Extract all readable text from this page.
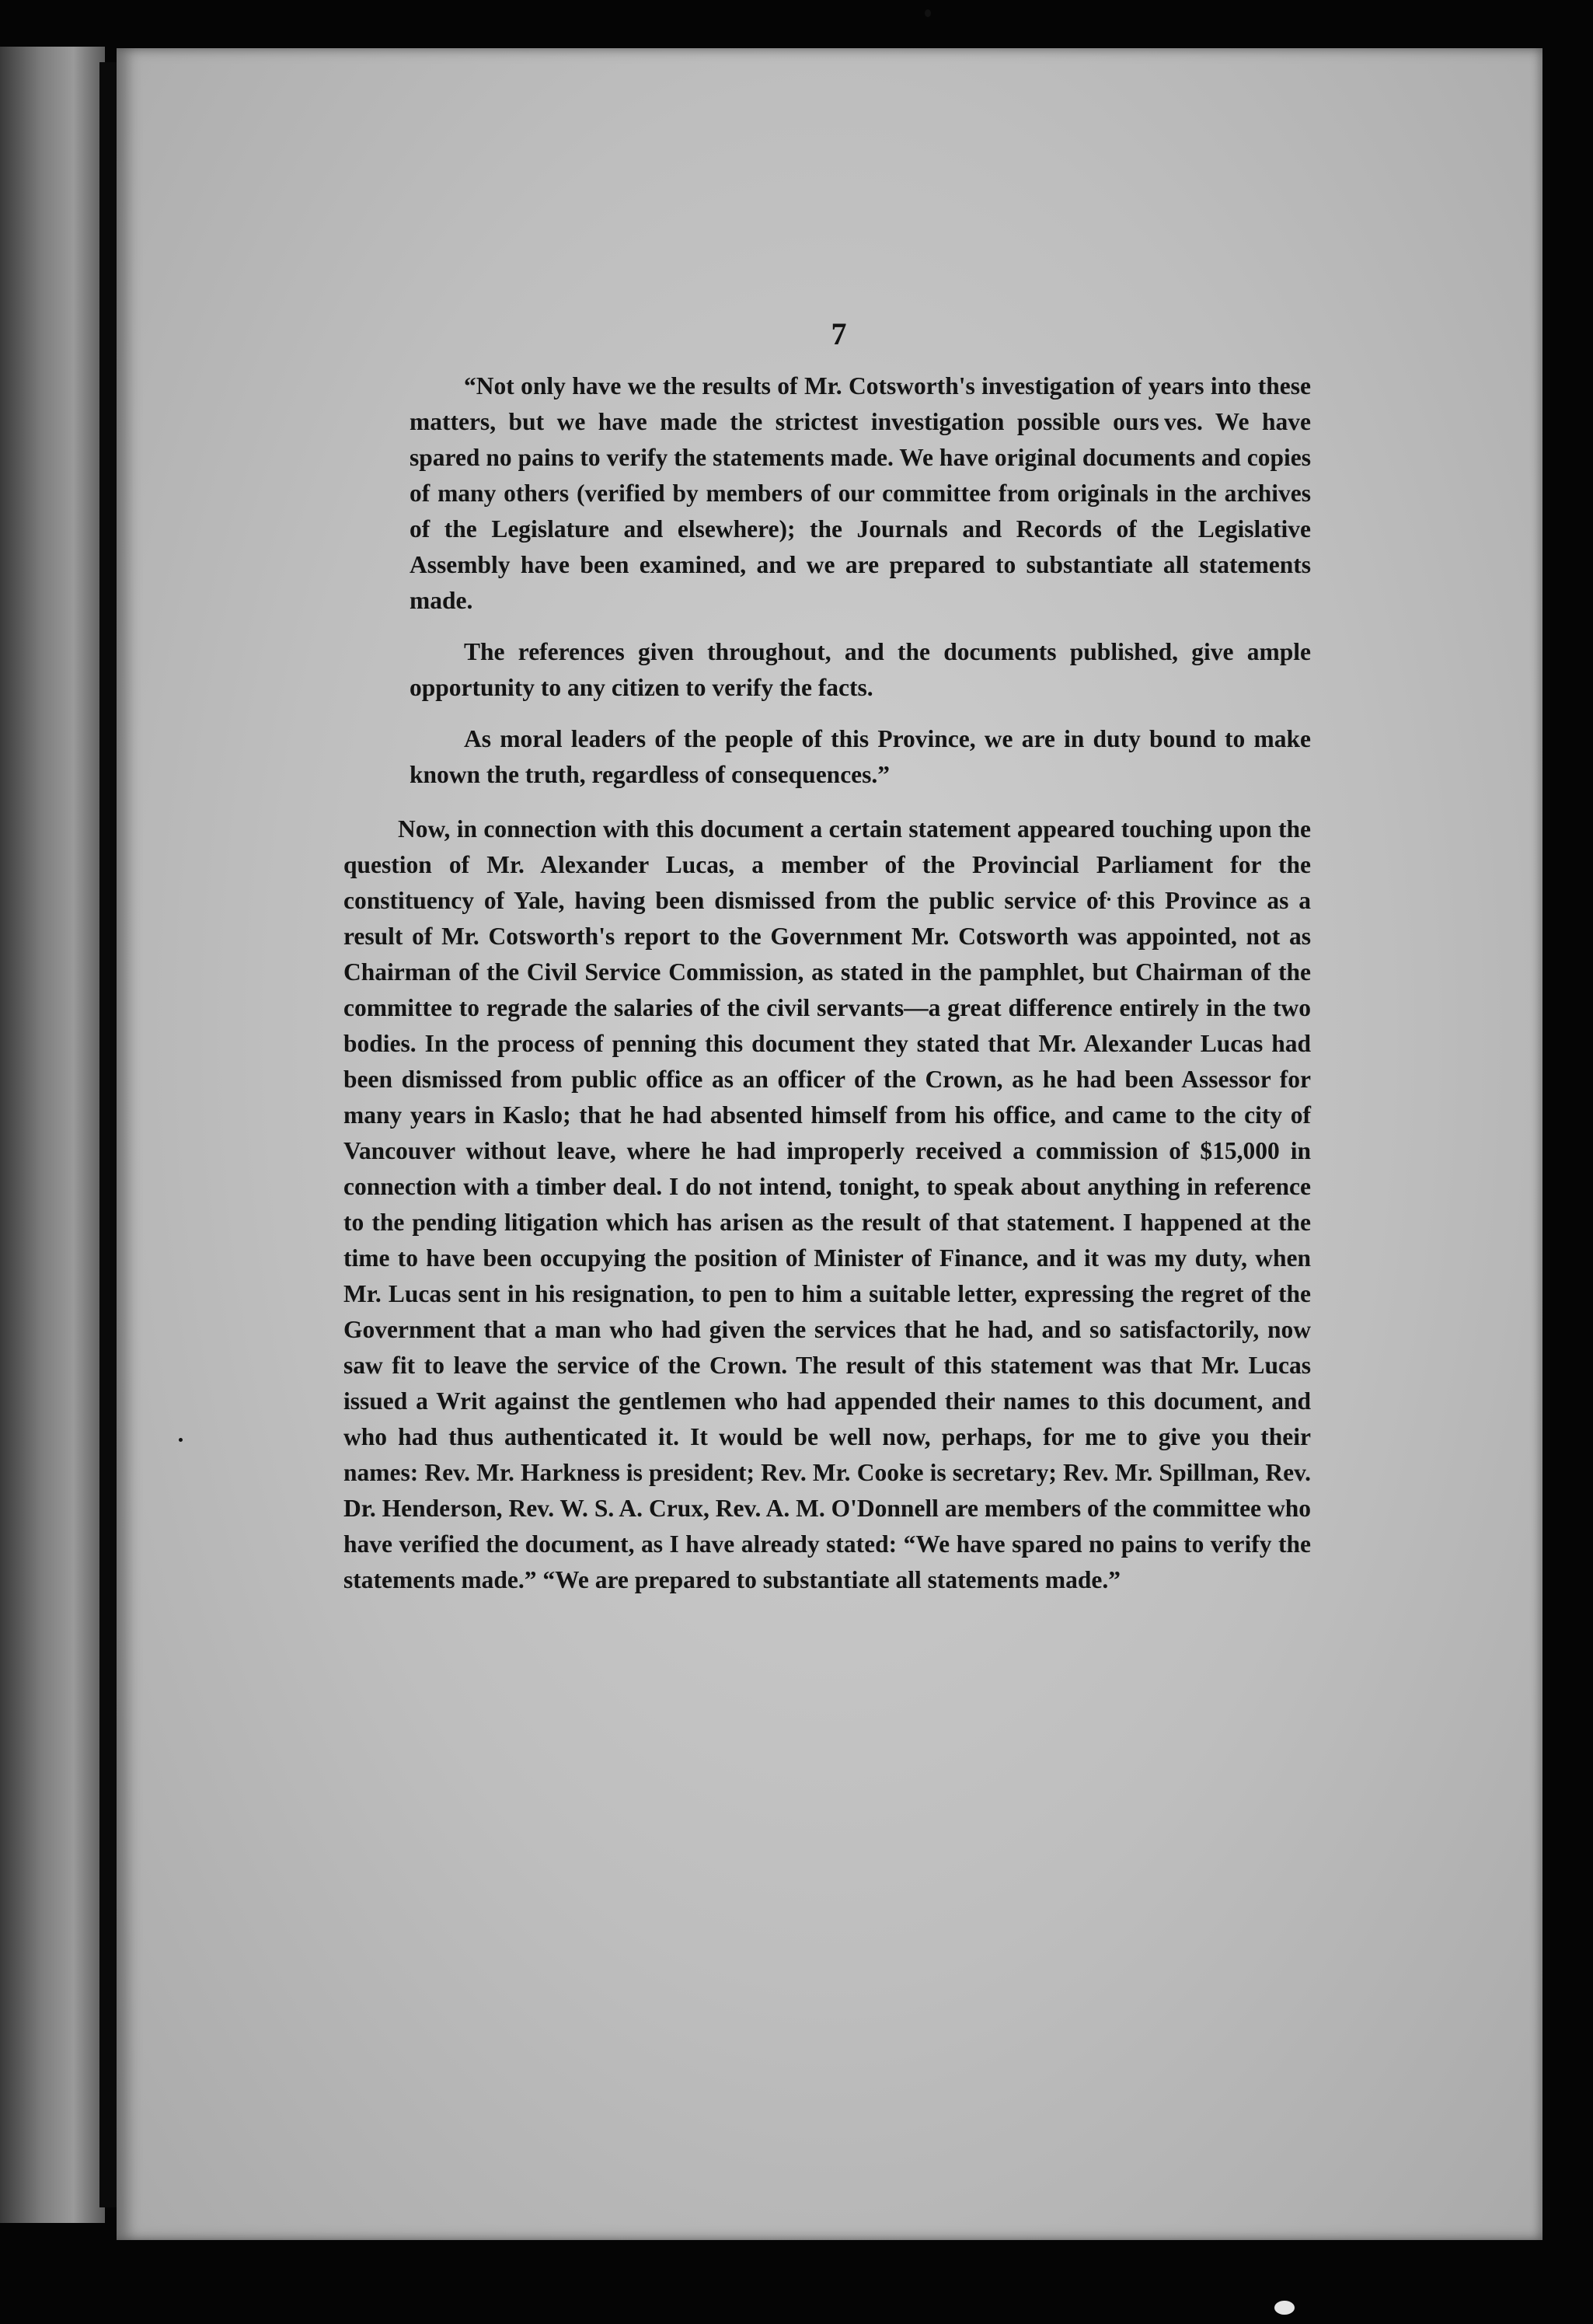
7

“Not only have we the results of Mr. Cotsworth's investigation of years into these matters, but we have made the strictest investigation possible ours ves. We have spared no pains to verify the statements made. We have original documents and copies of many others (verified by members of our committee from originals in the archives of the Legislature and elsewhere); the Journals and Records of the Legislative Assembly have been examined, and we are prepared to substantiate all statements made.

The references given throughout, and the documents published, give ample opportunity to any citizen to verify the facts.

As moral leaders of the people of this Province, we are in duty bound to make known the truth, regardless of consequences.”

Now, in connection with this document a certain statement appeared touching upon the question of Mr. Alexander Lucas, a member of the Provincial Parliament for the constituency of Yale, having been dismissed from the public service of this Province as a result of Mr. Cotsworth's report to the Government Mr. Cotsworth was appointed, not as Chairman of the Civil Service Commission, as stated in the pamphlet, but Chairman of the committee to regrade the salaries of the civil servants—a great difference entirely in the two bodies. In the process of penning this document they stated that Mr. Alexander Lucas had been dismissed from public office as an officer of the Crown, as he had been Assessor for many years in Kaslo; that he had absented himself from his office, and came to the city of Vancouver without leave, where he had improperly received a commission of $15,000 in connection with a timber deal. I do not intend, tonight, to speak about anything in reference to the pending litigation which has arisen as the result of that statement. I happened at the time to have been occupying the position of Minister of Finance, and it was my duty, when Mr. Lucas sent in his resignation, to pen to him a suitable letter, expressing the regret of the Government that a man who had given the services that he had, and so satisfactorily, now saw fit to leave the service of the Crown. The result of this statement was that Mr. Lucas issued a Writ against the gentlemen who had appended their names to this document, and who had thus authenticated it. It would be well now, perhaps, for me to give you their names: Rev. Mr. Harkness is president; Rev. Mr. Cooke is secretary; Rev. Mr. Spillman, Rev. Dr. Henderson, Rev. W. S. A. Crux, Rev. A. M. O'Donnell are members of the committee who have verified the document, as I have already stated: “We have spared no pains to verify the statements made.” “We are prepared to substantiate all statements made.”
